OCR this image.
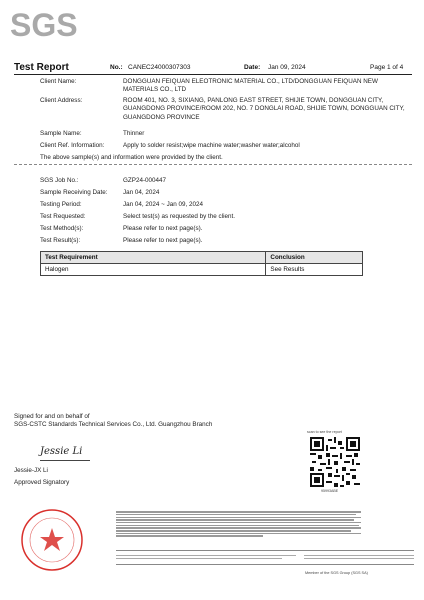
SGS
Test Report	No.: CANEC24000307303	Date: Jan 09, 2024	Page 1 of 4
Client Name:	DONGGUAN FEIQUAN ELEOTRONIC MATERIAL CO., LTD/DONGGUAN FEIQUAN NEW MATERIALS CO., LTD
Client Address:	ROOM 401, NO. 3, SIXIANG, PANLONG EAST STREET, SHIJIE TOWN, DONGGUAN CITY, GUANGDONG PROVINCE/ROOM 202, NO. 7 DONGLAI ROAD, SHIJIE TOWN, DONGGUAN CITY, GUANGDONG PROVINCE
Sample Name:	Thinner
Client Ref. Information:	Apply to solder resist;wipe machine water;washer water;alcohol
The above sample(s) and information were provided by the client.
SGS Job No.:	GZP24-000447
Sample Receiving Date: Jan 04, 2024
Testing Period:	Jan 04, 2024 ~ Jan 09, 2024
Test Requested:	Select test(s) as requested by the client.
Test Method(s):	Please refer to next page(s).
Test Result(s):	Please refer to next page(s).
Test Requirement	Conclusion
Halogen	See Results
Signed for and on behalf of
SGS-CSTC Standards Technical Services Co., Ltd. Guangzhou Branch
Jessie Li
Jessie-JX Li
Approved Signatory
scan to see the report
95993ABE
Member of the SGS Group (SGS SA)
